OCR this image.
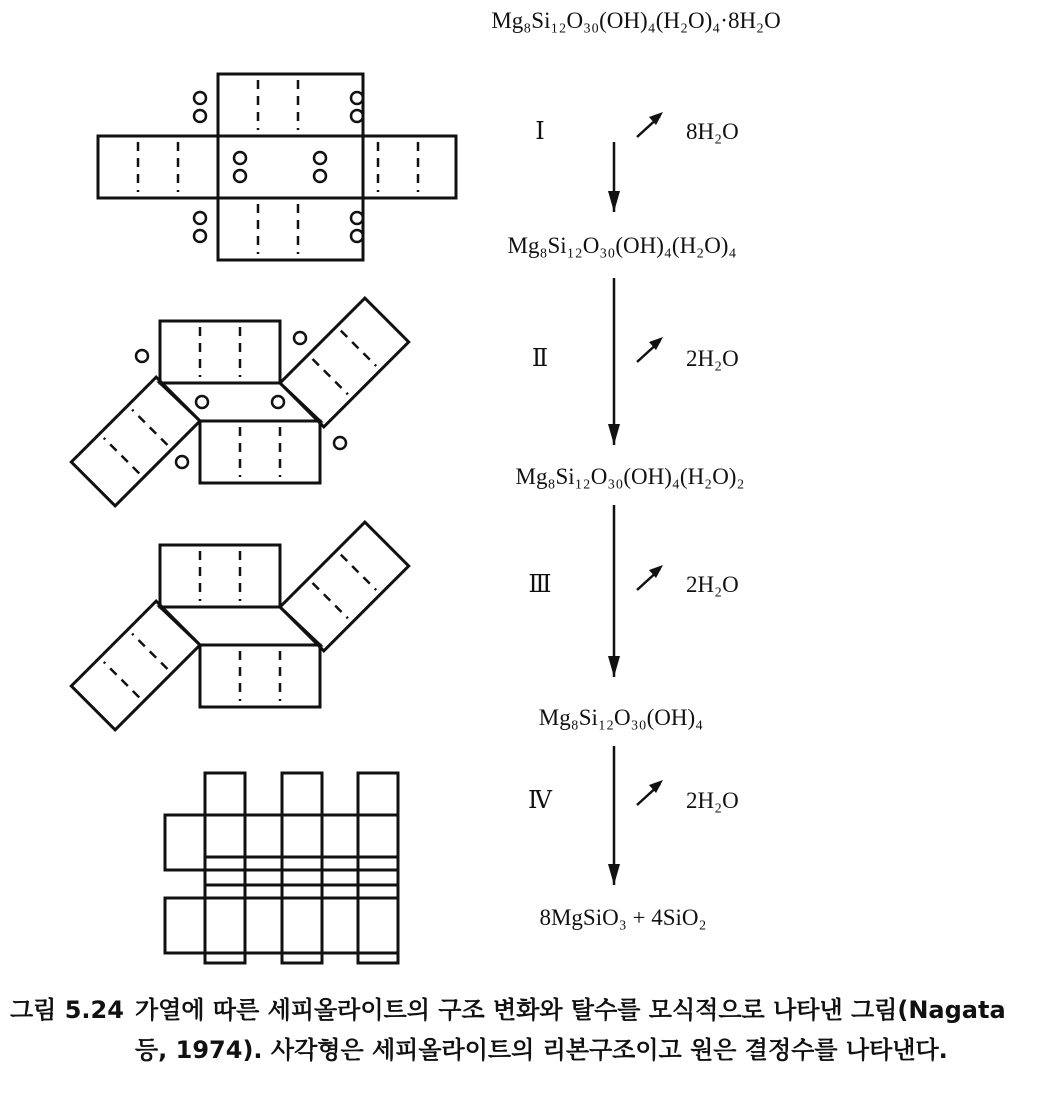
Mg₈Si₁₂O₃₀(OH)₄(H₂O)₄·8H₂O
Mg₈Si₁₂O₃₀(OH)₄(H₂O)₄
Mg₈Si₁₂O₃₀(OH)₄(H₂O)₂
Mg₈Si₁₂O₃₀(OH)₄
8MgSiO₃ + 4SiO₂
Ⅰ
Ⅱ
Ⅲ
Ⅳ
8H₂O
2H₂O
2H₂O
2H₂O
그림 5.24 가열에 따른 세피올라이트의 구조 변화와 탈수를 모식적으로 나타낸 그림(Nagata 등, 1974). 사각형은 세피올라이트의 리본구조이고 원은 결정수를 나타낸다.
